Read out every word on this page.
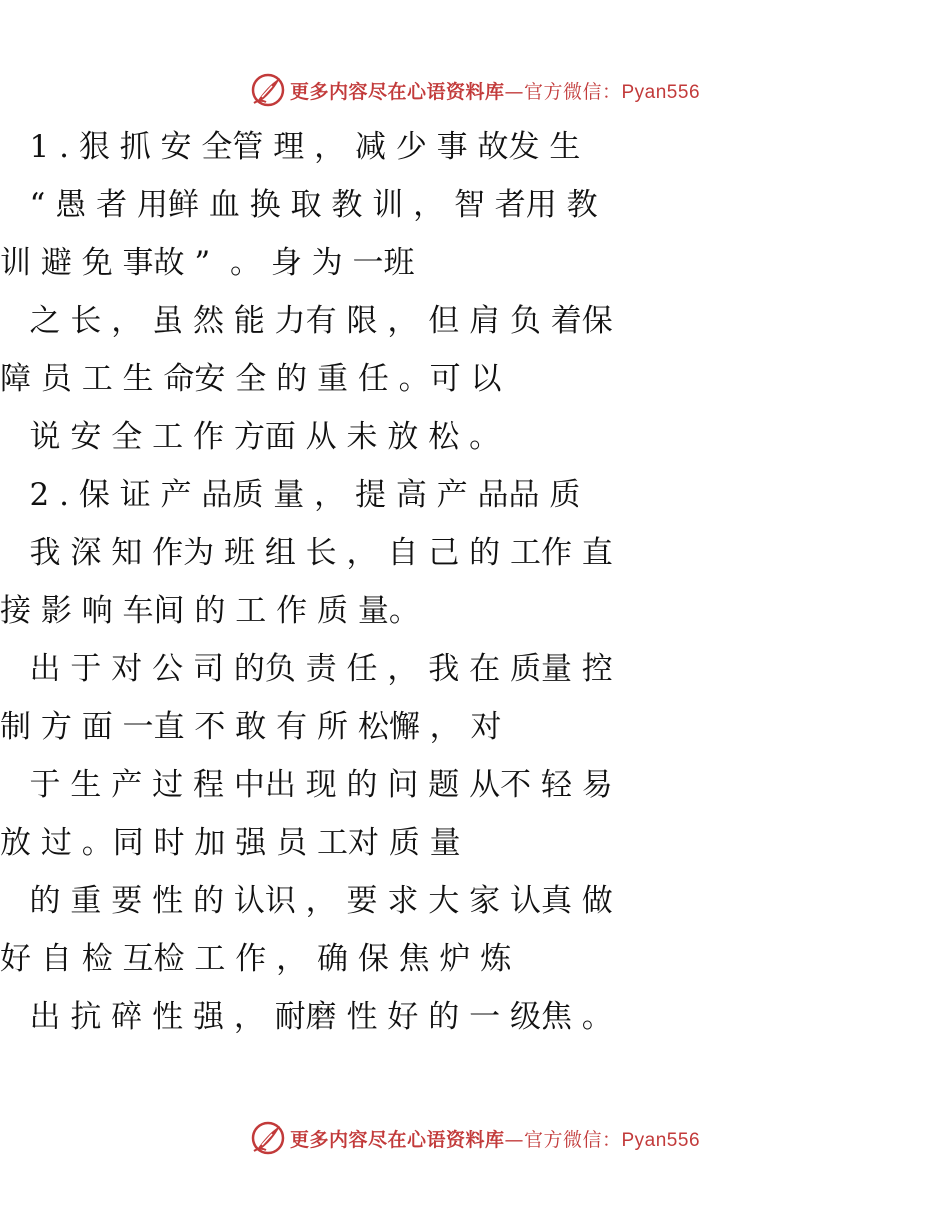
更多内容尽在心语资料库—官方微信：Pyan556
1 . 狠 抓 安 全管 理 ， 减 少 事 故发 生
“ 愚 者 用鲜 血 换 取 教 训 ， 智 者用 教
训 避 免 事故 ”  。 身 为 一班
之 长 ， 虽 然 能 力有 限 ， 但 肩 负 着保
障 员 工 生 命安 全 的 重 任 。可 以
说 安 全 工 作 方面 从 未 放 松 。
2 . 保 证 产 品质 量 ， 提 高 产 品品 质
我 深 知 作为 班 组 长 ， 自 己 的 工作 直
接 影 响 车间 的 工 作 质 量。
出 于 对 公 司 的负 责 任 ， 我 在 质量 控
制 方 面 一直 不 敢 有 所 松懈 ， 对
于 生 产 过 程 中出 现 的 问 题 从不 轻 易
放 过 。同 时 加 强 员 工对 质 量
的 重 要 性 的 认识 ， 要 求 大 家 认真 做
好 自 检 互检 工 作 ， 确 保 焦 炉 炼
出 抗 碎 性 强 ， 耐磨 性 好 的 一 级焦 。
更多内容尽在心语资料库—官方微信：Pyan556
